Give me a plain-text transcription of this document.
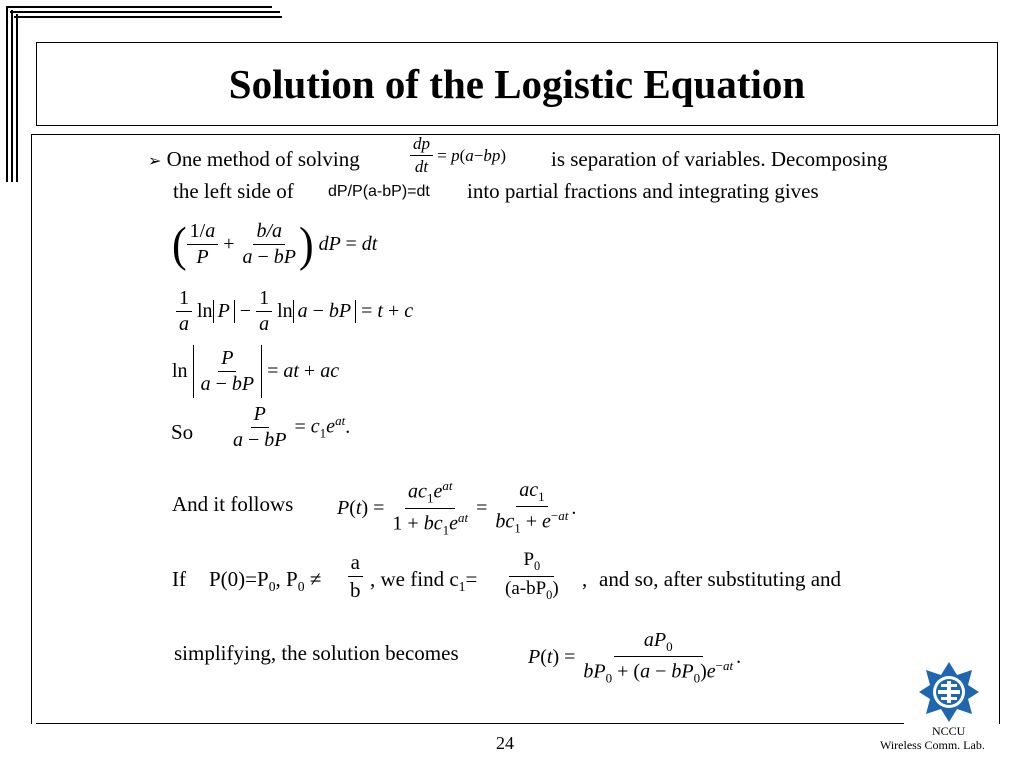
Solution of the Logistic Equation
➢ One method of solving	$\frac{dp}{dt} = p$ ( a − bp ) is separation of variables. Decomposing
the left side of dP/P(a-bP)=dt into partial fractions and integrating gives
( $\frac{1/a}{P} + \frac{b/a}{a - bP}$ ) dP = dt
$\frac{1}{a}$ $\ln P - \frac{1}{a}$ ln a − bP = t + c
$\ln \frac{P}{a - bP}$ = at + ac
So $\frac{P}{a - bP} = c_1e^{at}$ .
And it follows $P(t) = \frac{ac_1e^{at}}{1 + bc_1e^{at}} = \frac{ac_1}{bc_1 + e^{-at}}$ .
If $P(0)=P_0$, $P_0 \ne \frac{a}{b}$ , we find $c_1= \frac{P_0}{(a-bP_0)}$ , and so, after substituting and
simplifying, the solution becomes	$P(t) = \frac{aP_0}{bP_0 + (a - bP_0)e^{-at}}$ .
24
NCCU
Wireless Comm. Lab.
